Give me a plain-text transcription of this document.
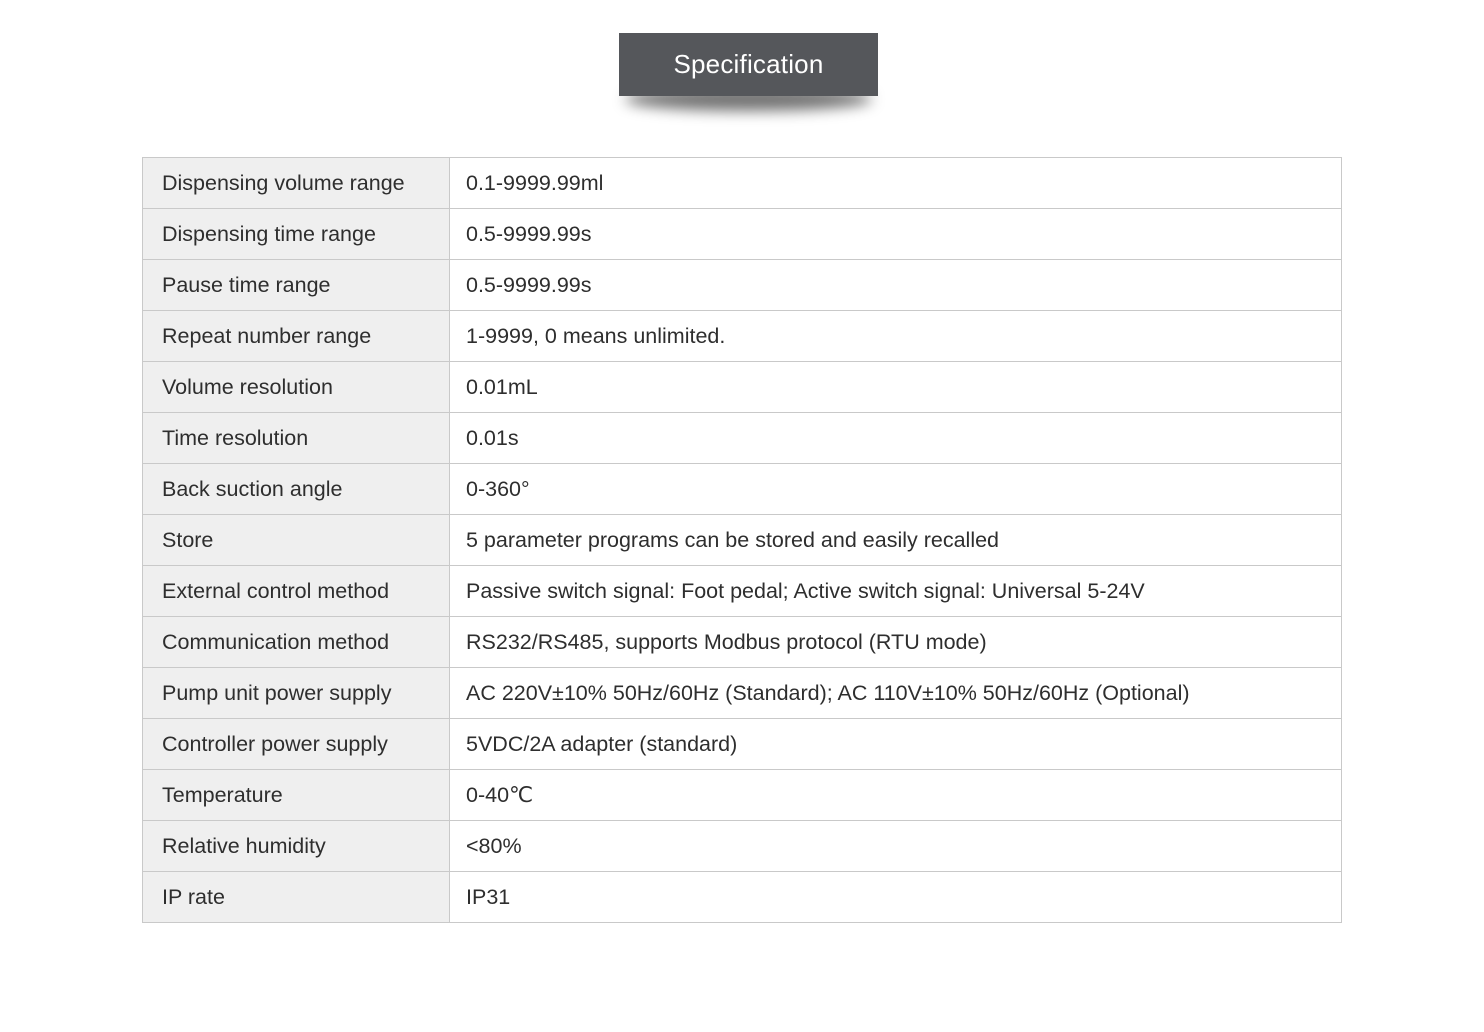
Specification
Dispensing volume range	0.1-9999.99ml
Dispensing time range	0.5-9999.99s
Pause time range	0.5-9999.99s
Repeat number range	1-9999, 0 means unlimited.
Volume resolution	0.01mL
Time resolution	0.01s
Back suction angle	0-360°
Store	5 parameter programs can be stored and easily recalled
External control method	Passive switch signal: Foot pedal; Active switch signal: Universal 5-24V
Communication method	RS232/RS485, supports Modbus protocol (RTU mode)
Pump unit power supply	AC 220V±10% 50Hz/60Hz (Standard); AC 110V±10% 50Hz/60Hz (Optional)
Controller power supply	5VDC/2A adapter (standard)
Temperature	0-40℃
Relative humidity	<80%
IP rate	IP31
